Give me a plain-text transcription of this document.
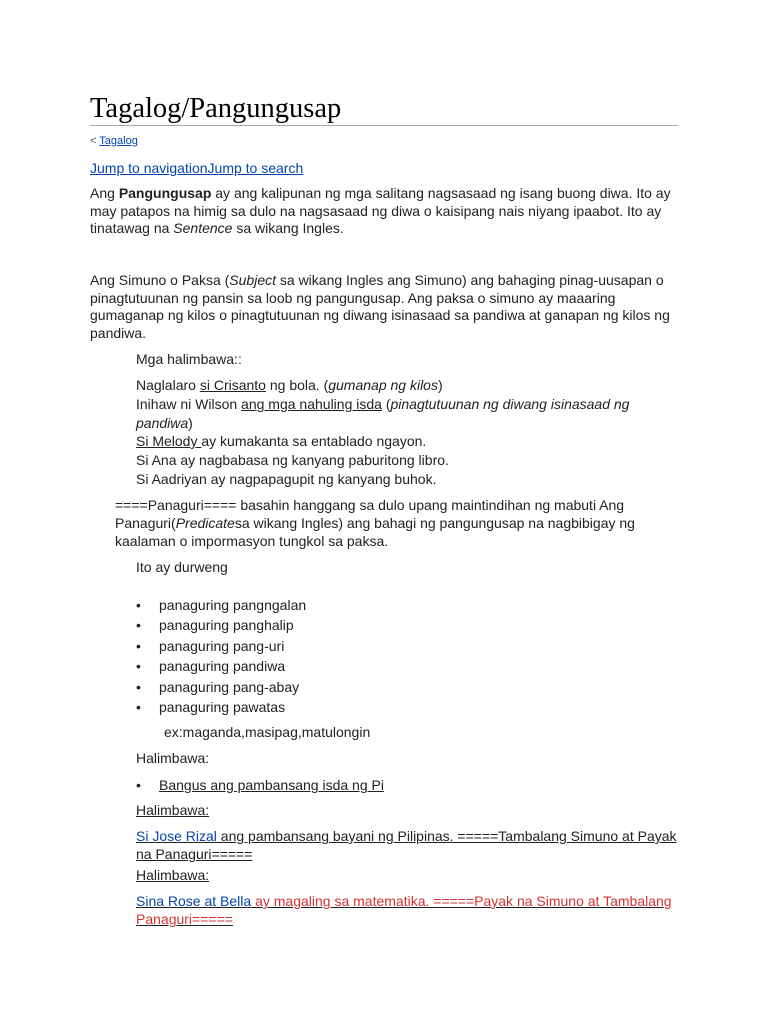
Tagalog/Pangungusap
< Tagalog
Jump to navigationJump to search

Ang Pangungusap ay ang kalipunan ng mga salitang nagsasaad ng isang buong diwa. Ito ay may patapos na himig sa dulo na nagsasaad ng diwa o kaisipang nais niyang ipaabot. Ito ay tinatawag na Sentence sa wikang Ingles.

Ang Simuno o Paksa (Subject sa wikang Ingles ang Simuno) ang bahaging pinag-uusapan o pinagtutuunan ng pansin sa loob ng pangungusap. Ang paksa o simuno ay maaaring gumaganap ng kilos o pinagtutuunan ng diwang isinasaad sa pandiwa at ganapan ng kilos ng pandiwa.

Mga halimbawa::
Naglalaro si Crisanto ng bola. (gumanap ng kilos)
Inihaw ni Wilson ang mga nahuling isda (pinagtutuunan ng diwang isinasaad ng pandiwa)
Si Melody ay kumakanta sa entablado ngayon.
Si Ana ay nagbabasa ng kanyang paburitong libro.
Si Aadriyan ay nagpapagupit ng kanyang buhok.

====Panaguri==== basahin hanggang sa dulo upang maintindihan ng mabuti Ang Panaguri(Predicatesa wikang Ingles) ang bahagi ng pangungusap na nagbibigay ng kaalaman o impormasyon tungkol sa paksa.

Ito ay durweng
• panaguring pangngalan
• panaguring panghalip
• panaguring pang-uri
• panaguring pandiwa
• panaguring pang-abay
• panaguring pawatas
ex:maganda,masipag,matulongin
Halimbawa:
• Bangus ang pambansang isda ng Pi
Halimbawa:
Si Jose Rizal ang pambansang bayani ng Pilipinas. =====Tambalang Simuno at Payak na Panaguri=====
Halimbawa:
Sina Rose at Bella ay magaling sa matematika. =====Payak na Simuno at Tambalang Panaguri=====
